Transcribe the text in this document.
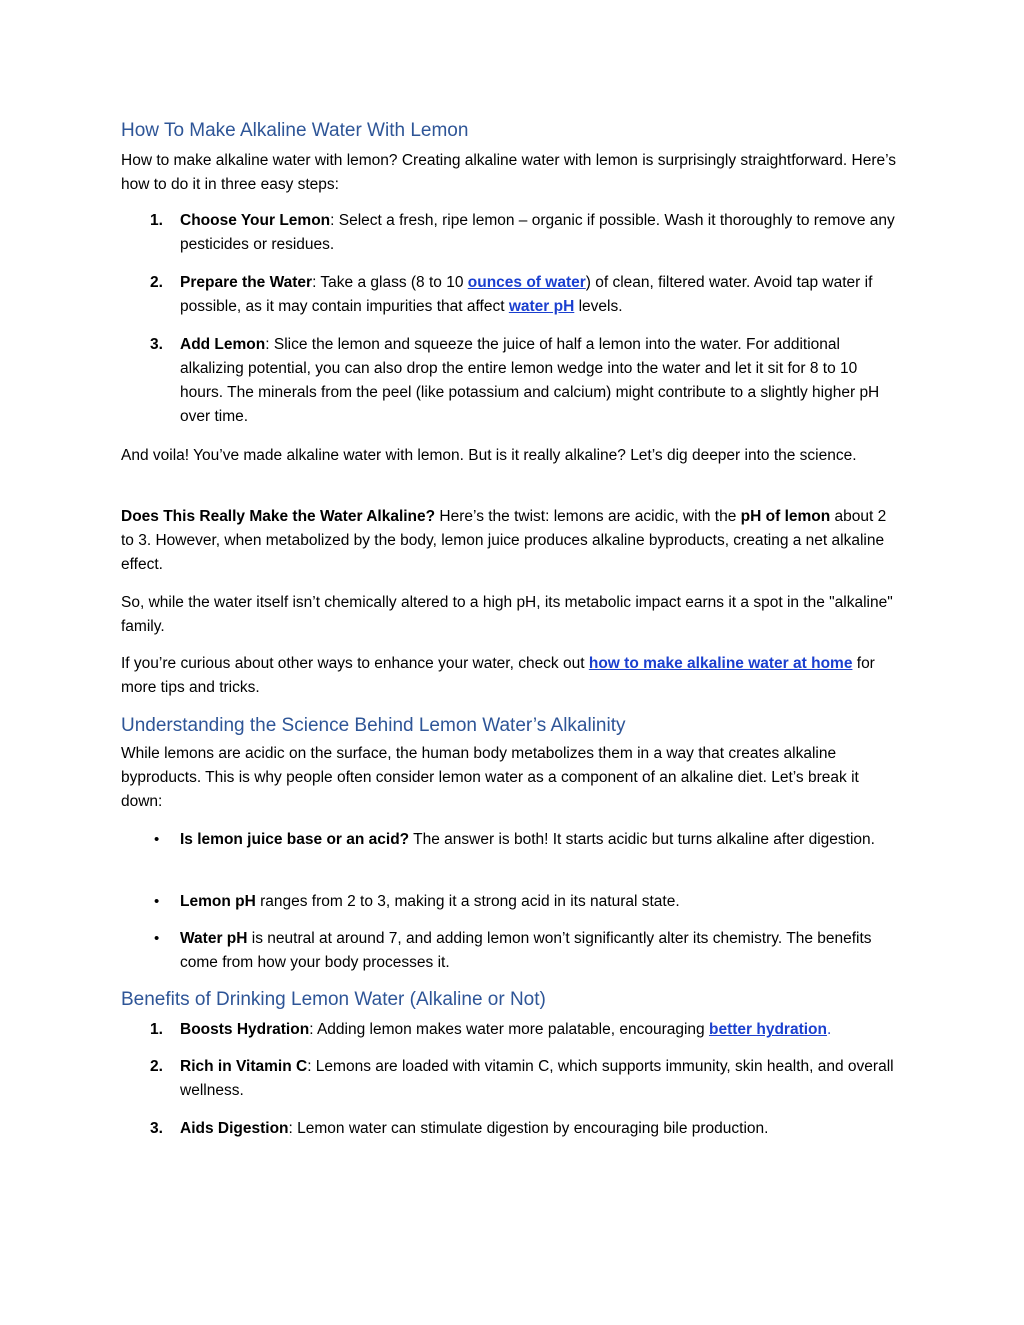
How To Make Alkaline Water With Lemon

How to make alkaline water with lemon? Creating alkaline water with lemon is surprisingly straightforward. Here’s how to do it in three easy steps:

1. Choose Your Lemon: Select a fresh, ripe lemon – organic if possible. Wash it thoroughly to remove any pesticides or residues.
2. Prepare the Water: Take a glass (8 to 10 ounces of water) of clean, filtered water. Avoid tap water if possible, as it may contain impurities that affect water pH levels.
3. Add Lemon: Slice the lemon and squeeze the juice of half a lemon into the water. For additional alkalizing potential, you can also drop the entire lemon wedge into the water and let it sit for 8 to 10 hours. The minerals from the peel (like potassium and calcium) might contribute to a slightly higher pH over time.

And voila! You’ve made alkaline water with lemon. But is it really alkaline? Let’s dig deeper into the science.

Does This Really Make the Water Alkaline? Here’s the twist: lemons are acidic, with the pH of lemon about 2 to 3. However, when metabolized by the body, lemon juice produces alkaline byproducts, creating a net alkaline effect.

So, while the water itself isn’t chemically altered to a high pH, its metabolic impact earns it a spot in the "alkaline" family.

If you’re curious about other ways to enhance your water, check out how to make alkaline water at home for more tips and tricks.

Understanding the Science Behind Lemon Water’s Alkalinity

While lemons are acidic on the surface, the human body metabolizes them in a way that creates alkaline byproducts. This is why people often consider lemon water as a component of an alkaline diet. Let’s break it down:

• Is lemon juice base or an acid? The answer is both! It starts acidic but turns alkaline after digestion.
• Lemon pH ranges from 2 to 3, making it a strong acid in its natural state.
• Water pH is neutral at around 7, and adding lemon won’t significantly alter its chemistry. The benefits come from how your body processes it.
Benefits of Drinking Lemon Water (Alkaline or Not)
1. Boosts Hydration: Adding lemon makes water more palatable, encouraging better hydration.
2. Rich in Vitamin C: Lemons are loaded with vitamin C, which supports immunity, skin health, and overall wellness.
3. Aids Digestion: Lemon water can stimulate digestion by encouraging bile production.
